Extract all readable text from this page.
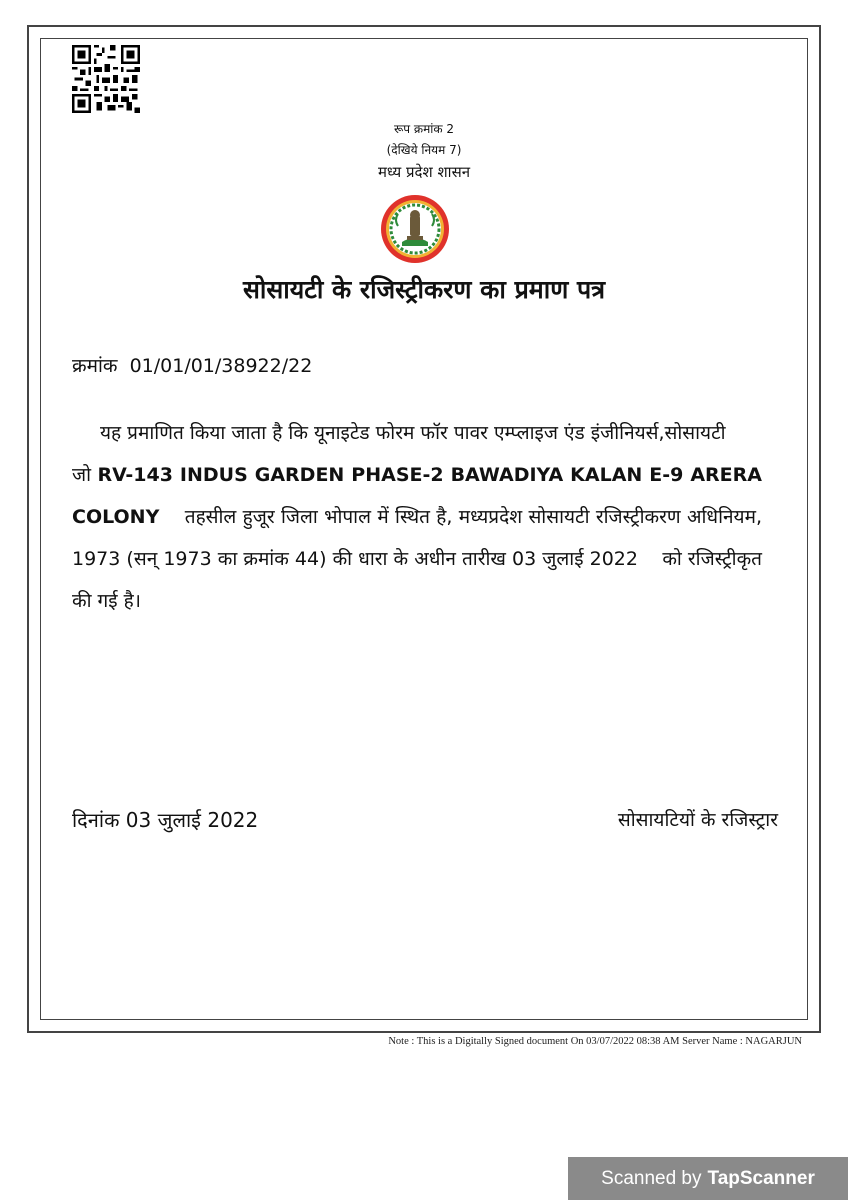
रूप क्रमांक 2
(देखिये नियम 7)
मध्य प्रदेश शासन
सोसायटी के रजिस्ट्रीकरण का प्रमाण पत्र
क्रमांक 01/01/01/38922/22
यह प्रमाणित किया जाता है कि यूनाइटेड फोरम फॉर पावर एम्प्लाइज एंड इंजीनियर्स,सोसायटी       जो RV-143 INDUS GARDEN PHASE-2 BAWADIYA KALAN E-9 ARERA COLONY तहसील हुजूर जिला भोपाल में स्थित है, मध्यप्रदेश सोसायटी रजिस्ट्रीकरण अधिनियम, 1973 (सन् 1973 का क्रमांक 44) की धारा के अधीन तारीख 03 जुलाई 2022 को रजिस्ट्रीकृत की गई है।
दिनांक 03 जुलाई 2022	सोसायटियों के रजिस्ट्रार
Note : This is a Digitally Signed document On 03/07/2022 08:38 AM Server Name : NAGARJUN
Scanned by TapScanner
